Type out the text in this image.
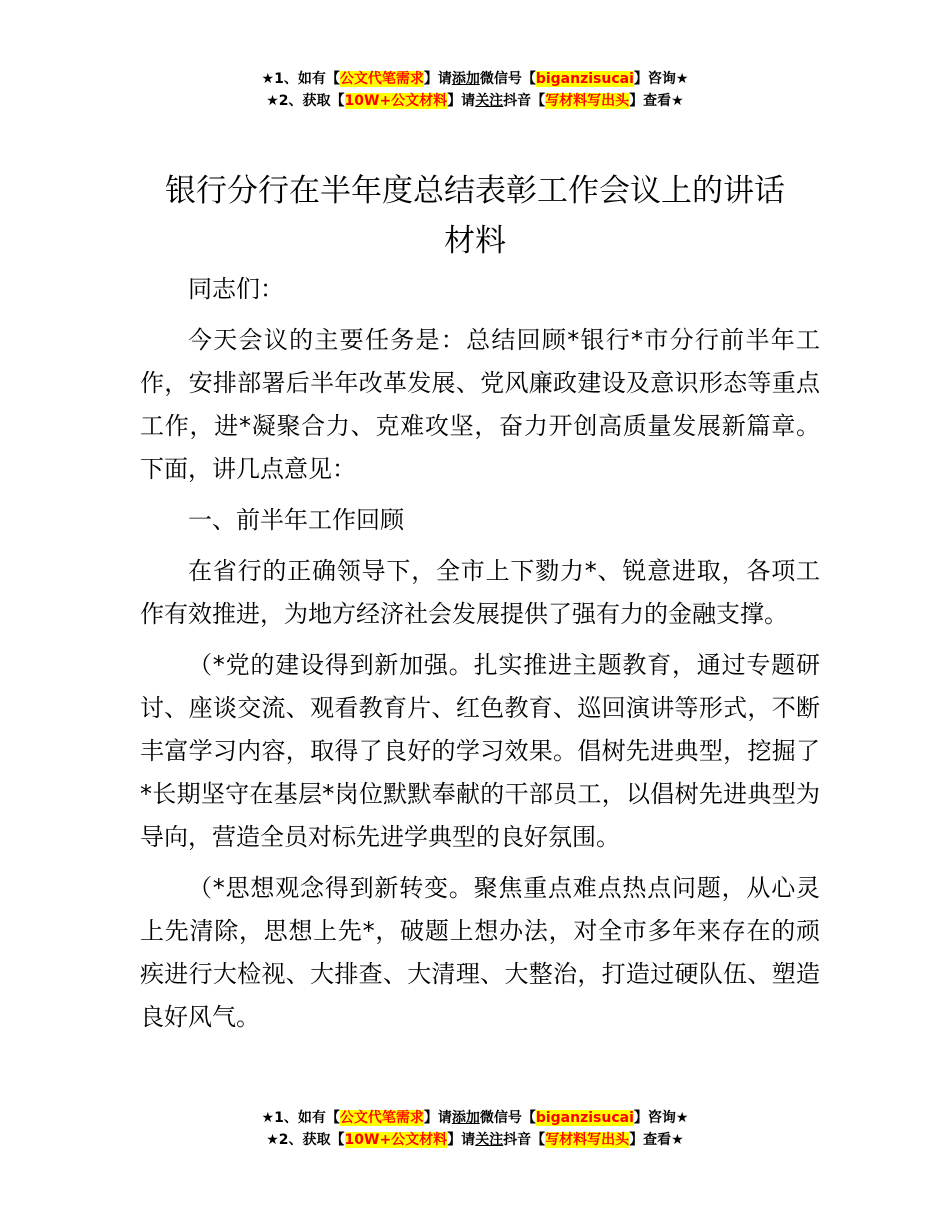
★1、如有【公文代笔需求】请添加微信号【biganzisucai】咨询★
★2、获取【10W+公文材料】请关注抖音【写材料写出头】查看★
银行分行在半年度总结表彰工作会议上的讲话
材料

同志们：

今天会议的主要任务是：总结回顾*银行*市分行前半年工作，安排部署后半年改革发展、党风廉政建设及意识形态等重点工作，进*凝聚合力、克难攻坚，奋力开创高质量发展新篇章。下面，讲几点意见：

一、前半年工作回顾

在省行的正确领导下，全市上下勠力*、锐意进取，各项工作有效推进，为地方经济社会发展提供了强有力的金融支撑。

（*党的建设得到新加强。扎实推进主题教育，通过专题研讨、座谈交流、观看教育片、红色教育、巡回演讲等形式，不断丰富学习内容，取得了良好的学习效果。倡树先进典型，挖掘了*长期坚守在基层*岗位默默奉献的干部员工，以倡树先进典型为导向，营造全员对标先进学典型的良好氛围。

（*思想观念得到新转变。聚焦重点难点热点问题，从心灵上先清除，思想上先*，破题上想办法，对全市多年来存在的顽疾进行大检视、大排查、大清理、大整治，打造过硬队伍、塑造良好风气。

★1、如有【公文代笔需求】请添加微信号【biganzisucai】咨询★
★2、获取【10W+公文材料】请关注抖音【写材料写出头】查看★
